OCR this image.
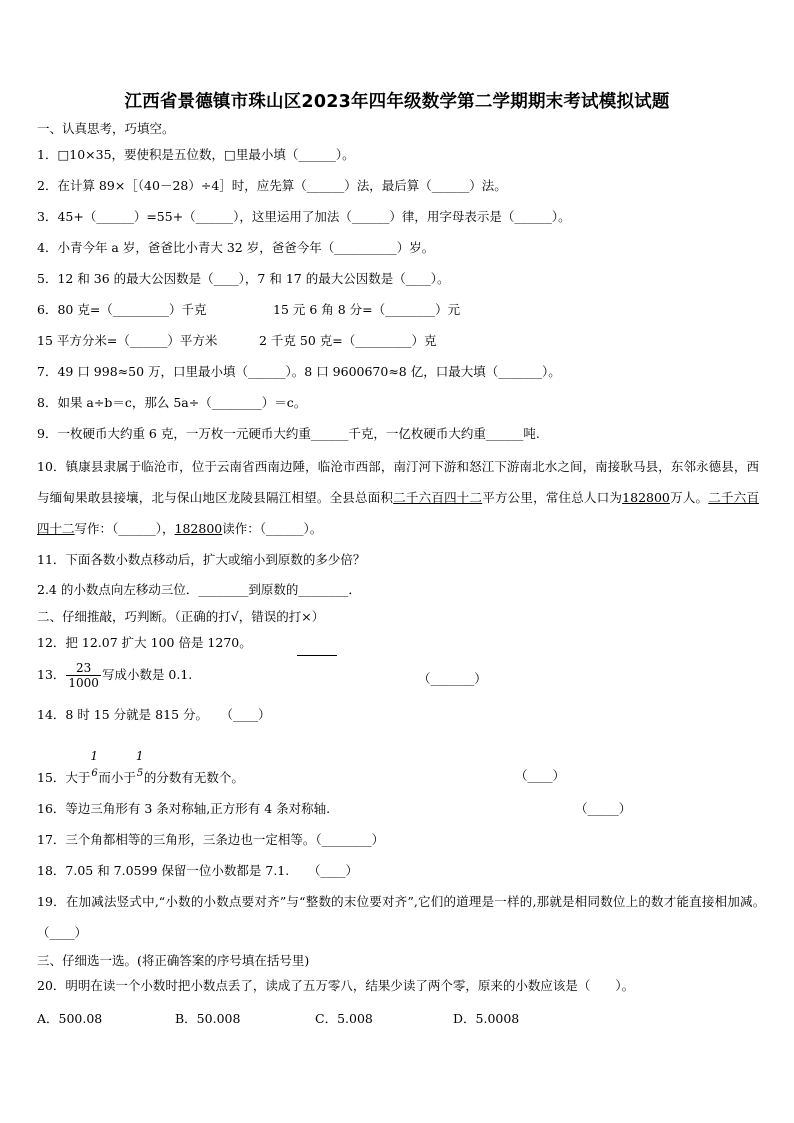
江西省景德镇市珠山区2023年四年级数学第二学期期末考试模拟试题
一、认真思考，巧填空。
1．□10×35，要使积是五位数，□里最小填（______）。
2．在计算 89×［（40－28）÷4］时，应先算（______）法，最后算（______）法。
3．45+（______）=55+（______），这里运用了加法（______）律，用字母表示是（______）。
4．小青今年 a 岁，爸爸比小青大 32 岁，爸爸今年（__________）岁。
5．12 和 36 的最大公因数是（____），7 和 17 的最大公因数是（____）。
6．80 克=（_________）千克	15 元 6 角 8 分=（________）元
15 平方分米=（______）平方米	2 千克 50 克=（_________）克
7．49 口 998≈50 万，口里最小填（______）。8 口 9600670≈8 亿，口最大填（_______）。
8．如果 a÷b＝c，那么 5a÷（________）＝c。
9．一枚硬币大约重 6 克，一万枚一元硬币大约重______千克，一亿枚硬币大约重______吨.
10．镇康县隶属于临沧市，位于云南省西南边陲，临沧市西部，南汀河下游和怒江下游南北水之间，南接耿马县，东邻永德县，西与缅甸果敢县接壤，北与保山地区龙陵县隔江相望。全县总面积二千六百四十二平方公里，常住总人口为182800万人。二千六百四十二写作：（______），182800读作：（______）。
11．下面各数小数点移动后，扩大或缩小到原数的多少倍？
2.4 的小数点向左移动三位．________到原数的________．
二、仔细推敲，巧判断。（正确的打√，错误的打×）
12．把 12.07 扩大 100 倍是 1270。
13． $\frac{23}{1000}$ 写成小数是 0.1.	（_______）
14．8 时 15 分就是 815 分。　　（____）
15．大于
1
6 而小于
1
5 的分数有无数个。	（____）
16．等边三角形有 3 条对称轴,正方形有 4 条对称轴.	（_____）
17．三个角都相等的三角形，三条边也一定相等。（________）
18．7.05 和 7.0599 保留一位小数都是 7.1.　　（____）
19．在加减法竖式中,“小数的小数点要对齐”与“整数的末位要对齐”,它们的道理是一样的,那就是相同数位上的数才能直接相加减。　（____）
三、仔细选一选。(将正确答案的序号填在括号里)
20．明明在读一个小数时把小数点丢了，读成了五万零八，结果少读了两个零，原来的小数应该是（　　）。
A．500.08	B．50.008	C．5.008	D．5.0008
